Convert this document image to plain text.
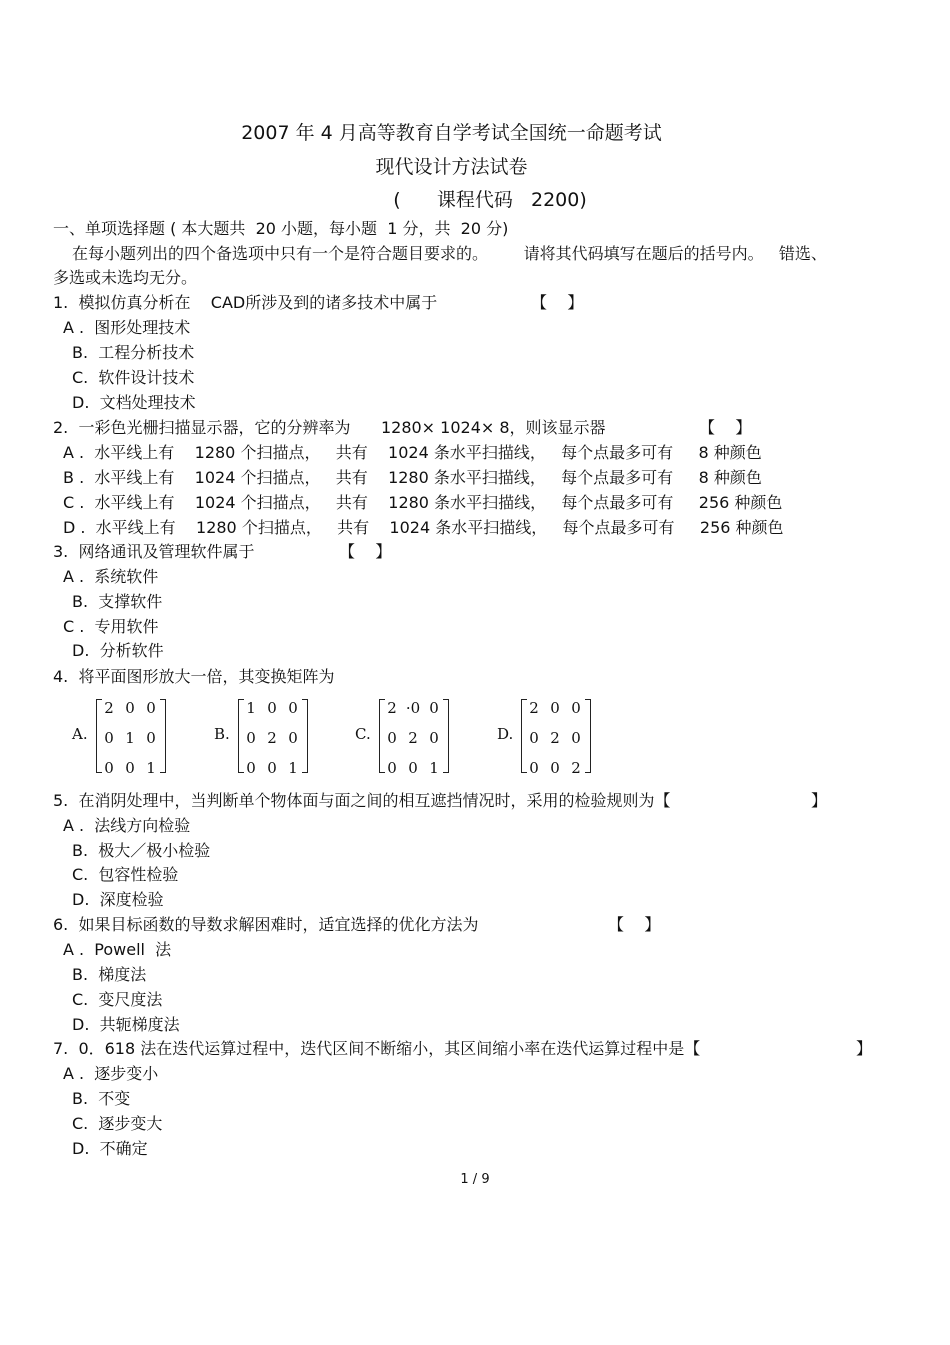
2007 年 4 月高等教育自学考试全国统一命题考试
现代设计方法试卷
(      课程代码   2200)
一、单项选择题 ( 本大题共  20 小题，每小题  1 分，共  20 分)
在每小题列出的四个备选项中只有一个是符合题目要求的。       请将其代码填写在题后的括号内。   错选、
多选或未选均无分。
1.  模拟仿真分析在    CAD所涉及到的诸多技术中属于	【    】
A .  图形处理技术
B.  工程分析技术
C.  软件设计技术
D.  文档处理技术
2.  一彩色光栅扫描显示器，它的分辨率为      1280× 1024× 8，则该显示器	【    】
A .  水平线上有    1280 个扫描点，   共有    1024 条水平扫描线，   每个点最多可有     8 种颜色
B .  水平线上有    1024 个扫描点，   共有    1280 条水平扫描线，   每个点最多可有     8 种颜色
C .  水平线上有    1024 个扫描点，   共有    1280 条水平扫描线，   每个点最多可有     256 种颜色
D .  水平线上有    1280 个扫描点，   共有    1024 条水平扫描线，   每个点最多可有     256 种颜色
3.  网络通讯及管理软件属于	【    】
A .  系统软件
B.  支撑软件
C .  专用软件
D.  分析软件
4.  将平面图形放大一倍，其变换矩阵为
A.
2 0 0
0 1 0
0 0 1
B.
1 0 0
0 2 0
0 0 1
C.
2 ·0 0
0 2 0
0 0 1
D.
2 0 0
0 2 0
0 0 2
5.  在消阴处理中，当判断单个物体面与面之间的相互遮挡情况时，采用的检验规则为【	】
A .  法线方向检验
B.  极大／极小检验
C.  包容性检验
D.  深度检验
6.  如果目标函数的导数求解困难时，适宜选择的优化方法为	【    】
A .  Powell  法
B.  梯度法
C.  变尺度法
D.  共轭梯度法
7.  0．618 法在迭代运算过程中，迭代区间不断缩小，其区间缩小率在迭代运算过程中是【	】
A .  逐步变小
B.  不变
C.  逐步变大
D.  不确定
1 / 9
